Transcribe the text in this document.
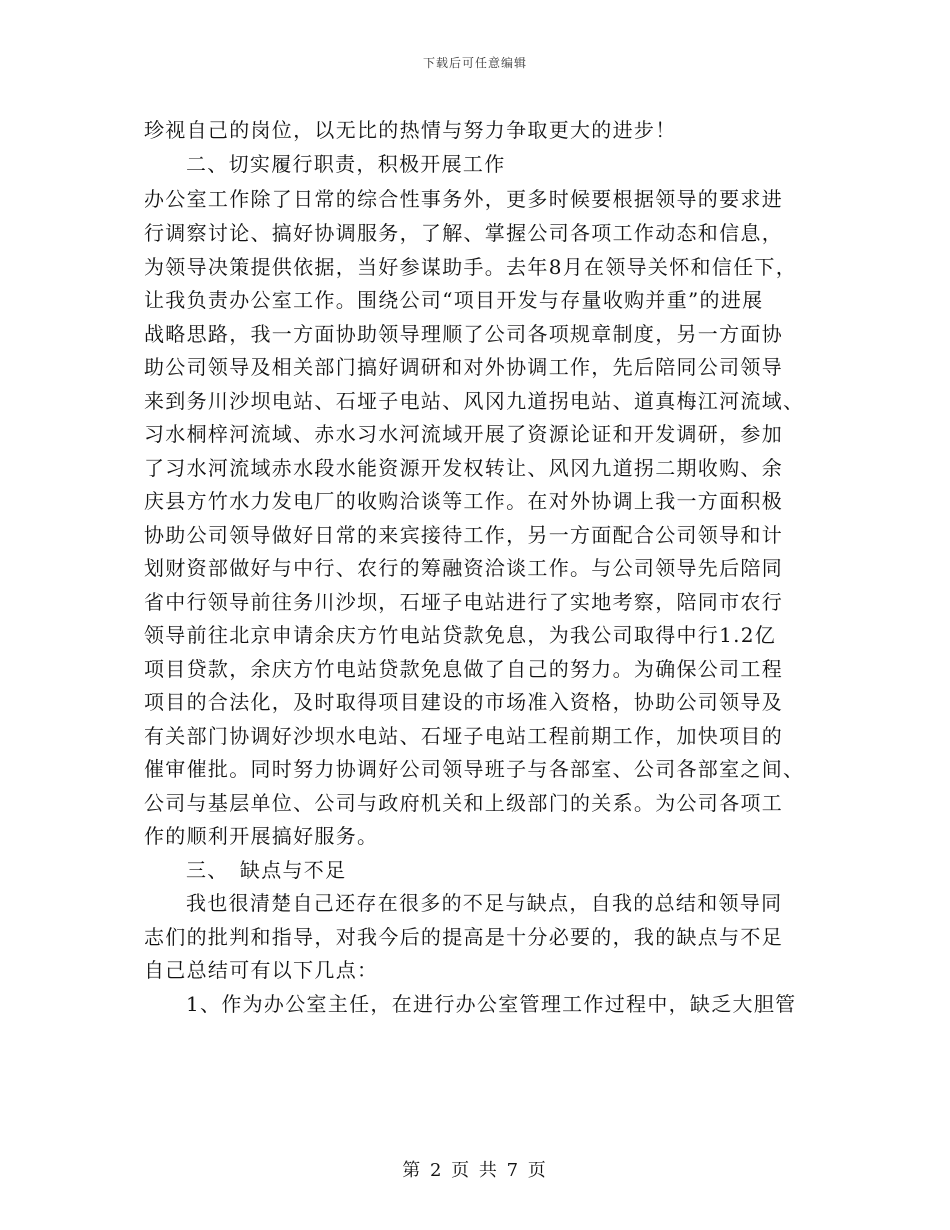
下载后可任意编辑
珍视自己的岗位，以无比的热情与努力争取更大的进步！
二、切实履行职责，积极开展工作
办公室工作除了日常的综合性事务外，更多时候要根据领导的要求进
行调察讨论、搞好协调服务，了解、掌握公司各项工作动态和信息，
为领导决策提供依据，当好参谋助手。去年8月在领导关怀和信任下，
让我负责办公室工作。围绕公司“项目开发与存量收购并重”的进展
战略思路，我一方面协助领导理顺了公司各项规章制度，另一方面协
助公司领导及相关部门搞好调研和对外协调工作，先后陪同公司领导
来到务川沙坝电站、石垭子电站、风冈九道拐电站、道真梅江河流域、
习水桐梓河流域、赤水习水河流域开展了资源论证和开发调研，参加
了习水河流域赤水段水能资源开发权转让、风冈九道拐二期收购、余
庆县方竹水力发电厂的收购洽谈等工作。在对外协调上我一方面积极
协助公司领导做好日常的来宾接待工作，另一方面配合公司领导和计
划财资部做好与中行、农行的筹融资洽谈工作。与公司领导先后陪同
省中行领导前往务川沙坝，石垭子电站进行了实地考察，陪同市农行
领导前往北京申请余庆方竹电站贷款免息，为我公司取得中行1.2亿
项目贷款，余庆方竹电站贷款免息做了自己的努力。为确保公司工程
项目的合法化，及时取得项目建设的市场准入资格，协助公司领导及
有关部门协调好沙坝水电站、石垭子电站工程前期工作，加快项目的
催审催批。同时努力协调好公司领导班子与各部室、公司各部室之间、
公司与基层单位、公司与政府机关和上级部门的关系。为公司各项工
作的顺利开展搞好服务。
三、　缺点与不足
我也很清楚自己还存在很多的不足与缺点，自我的总结和领导同
志们的批判和指导，对我今后的提高是十分必要的，我的缺点与不足
自己总结可有以下几点：
1、作为办公室主任，在进行办公室管理工作过程中，缺乏大胆管
第 2 页 共 7 页
